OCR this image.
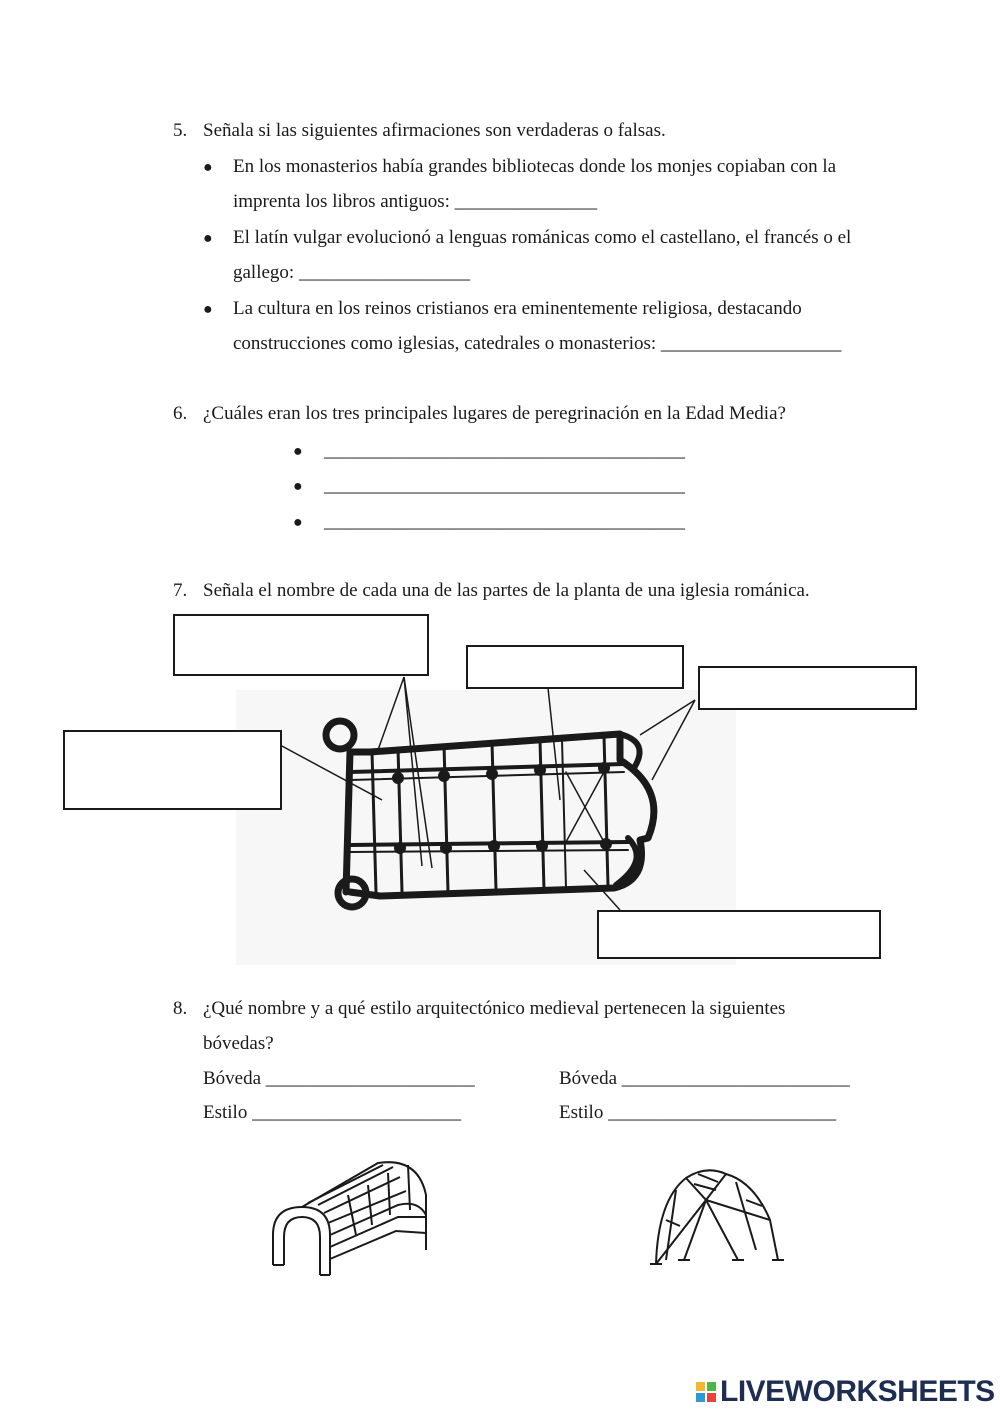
5. Señala si las siguientes afirmaciones son verdaderas o falsas.
● En los monasterios había grandes bibliotecas donde los monjes copiaban con la
imprenta los libros antiguos: _______________
● El latín vulgar evolucionó a lenguas románicas como el castellano, el francés o el
gallego: __________________
● La cultura en los reinos cristianos era eminentemente religiosa, destacando
construcciones como iglesias, catedrales o monasterios: ___________________
6. ¿Cuáles eran los tres principales lugares de peregrinación en la Edad Media?
● ______________________________________
● ______________________________________
● ______________________________________
7. Señala el nombre de cada una de las partes de la planta de una iglesia románica.
8. ¿Qué nombre y a qué estilo arquitectónico medieval pertenecen la siguientes
bóvedas?
Bóveda ______________________
Estilo ______________________
Bóveda ________________________
Estilo ________________________
L
V	E LIVEWORKSHEETS
